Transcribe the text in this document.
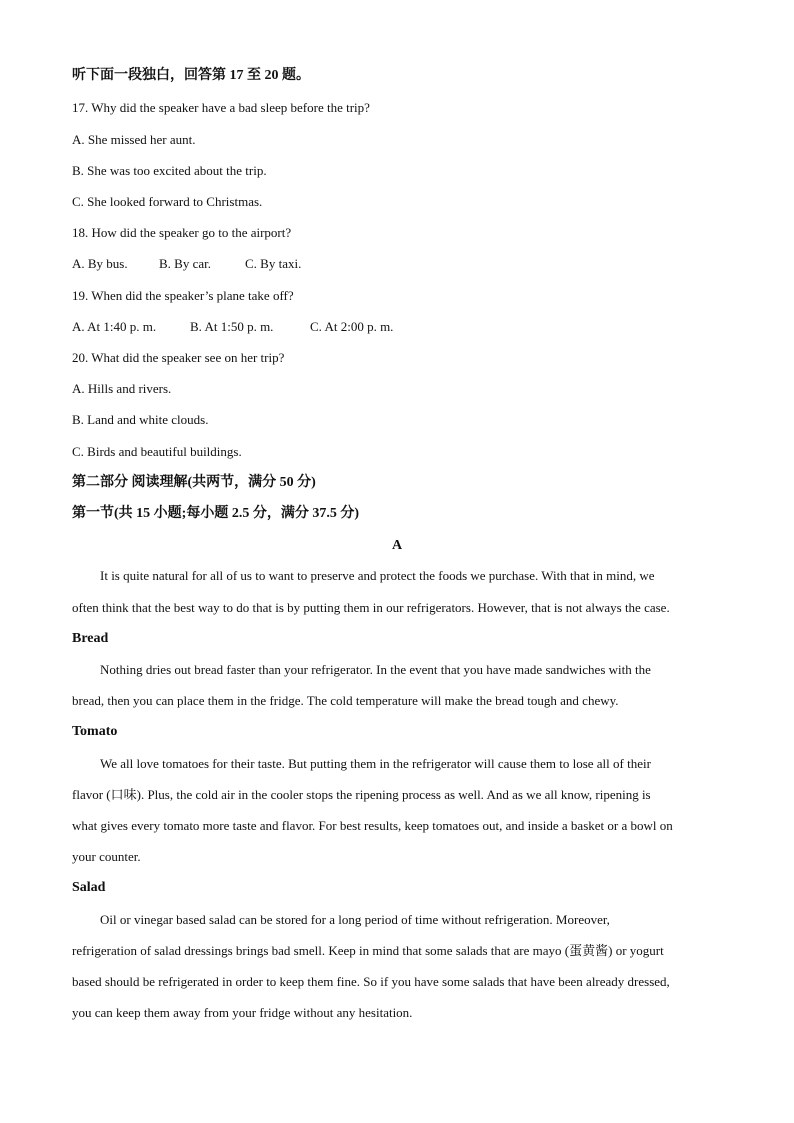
听下面一段独白，回答第 17 至 20 题。
17. Why did the speaker have a bad sleep before the trip?
A. She missed her aunt.
B. She was too excited about the trip.
C. She looked forward to Christmas.
18. How did the speaker go to the airport?
A. By bus. B. By car.	C. By taxi.
19. When did the speaker’s plane take off?
A. At 1:40 p. m.	B. At 1:50 p. m.	C. At 2:00 p. m.
20. What did the speaker see on her trip?
A. Hills and rivers.
B. Land and white clouds.
C. Birds and beautiful buildings.
第二部分 阅读理解(共两节，满分 50 分)
第一节(共 15 小题;每小题 2.5 分，满分 37.5 分)
A
It is quite natural for all of us to want to preserve and protect the foods we purchase. With that in mind, we
often think that the best way to do that is by putting them in our refrigerators. However, that is not always the case.
Bread
Nothing dries out bread faster than your refrigerator. In the event that you have made sandwiches with the
bread, then you can place them in the fridge. The cold temperature will make the bread tough and chewy.
Tomato
We all love tomatoes for their taste. But putting them in the refrigerator will cause them to lose all of their
flavor (口味). Plus, the cold air in the cooler stops the ripening process as well. And as we all know, ripening is
what gives every tomato more taste and flavor. For best results, keep tomatoes out, and inside a basket or a bowl on
your counter.
Salad
Oil or vinegar based salad can be stored for a long period of time without refrigeration. Moreover,
refrigeration of salad dressings brings bad smell. Keep in mind that some salads that are mayo (蛋黄酱) or yogurt
based should be refrigerated in order to keep them fine. So if you have some salads that have been already dressed,
you can keep them away from your fridge without any hesitation.
